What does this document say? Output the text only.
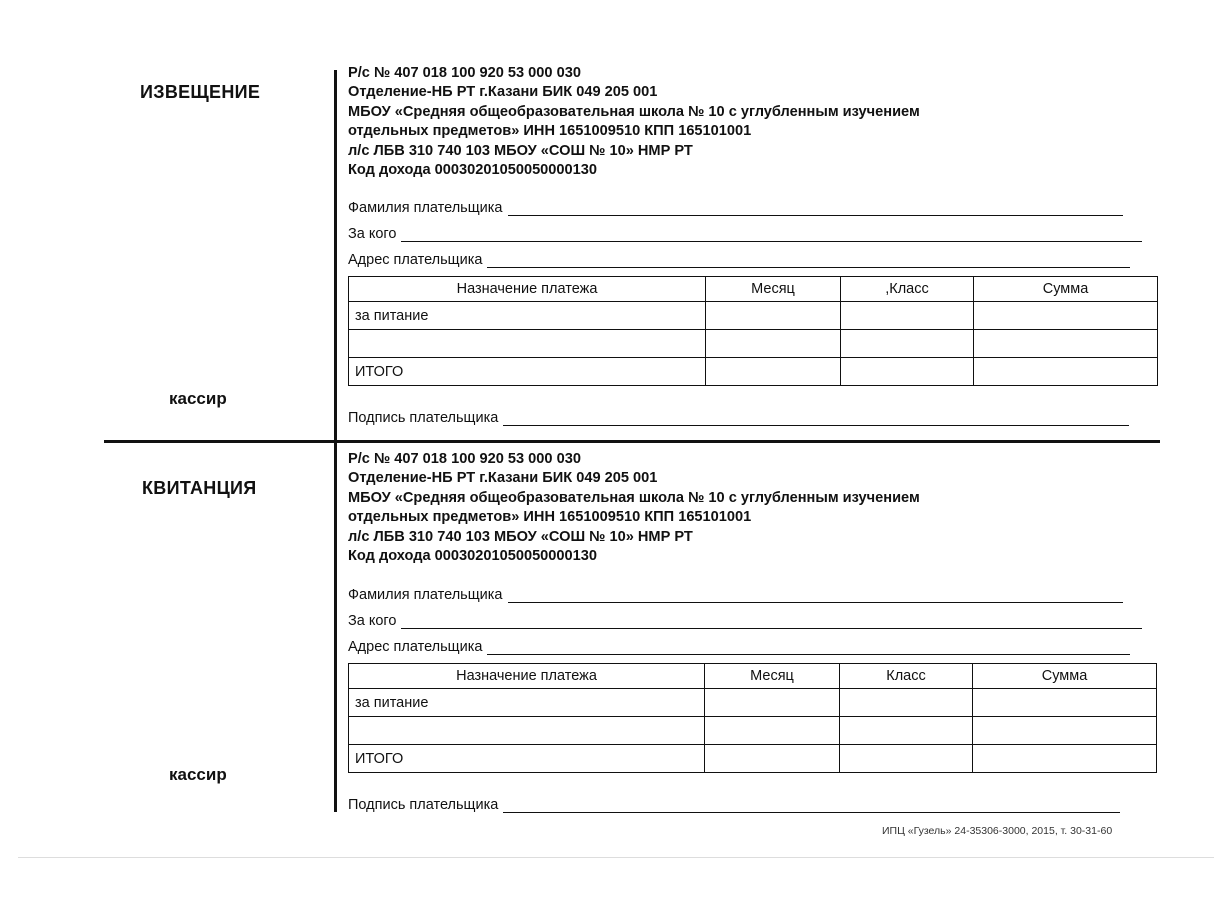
ИЗВЕЩЕНИЕ
кассир
Р/с № 407 018 100 920 53 000 030
Отделение-НБ РТ г.Казани БИК 049 205 001
МБОУ «Средняя общеобразовательная школа № 10 с углубленным изучением
отдельных предметов» ИНН 1651009510 КПП 165101001
л/с ЛБВ 310 740 103 МБОУ «СОШ № 10» НМР РТ
Код дохода 00030201050050000130
Фамилия плательщика
За кого
Адрес плательщика
Назначение платежа	Месяц	,Класс	Сумма
за питание			

ИТОГО			
Подпись плательщика
КВИТАНЦИЯ
кассир
Р/с № 407 018 100 920 53 000 030
Отделение-НБ РТ г.Казани БИК 049 205 001
МБОУ «Средняя общеобразовательная школа № 10 с углубленным изучением
отдельных предметов» ИНН 1651009510 КПП 165101001
л/с ЛБВ 310 740 103 МБОУ «СОШ № 10» НМР РТ
Код дохода 00030201050050000130
Фамилия плательщика
За кого
Адрес плательщика
Назначение платежа	Месяц	Класс	Сумма
за питание			

ИТОГО			
Подпись плательщика
ИПЦ «Гузель» 24-35306-3000, 2015, т. 30-31-60
